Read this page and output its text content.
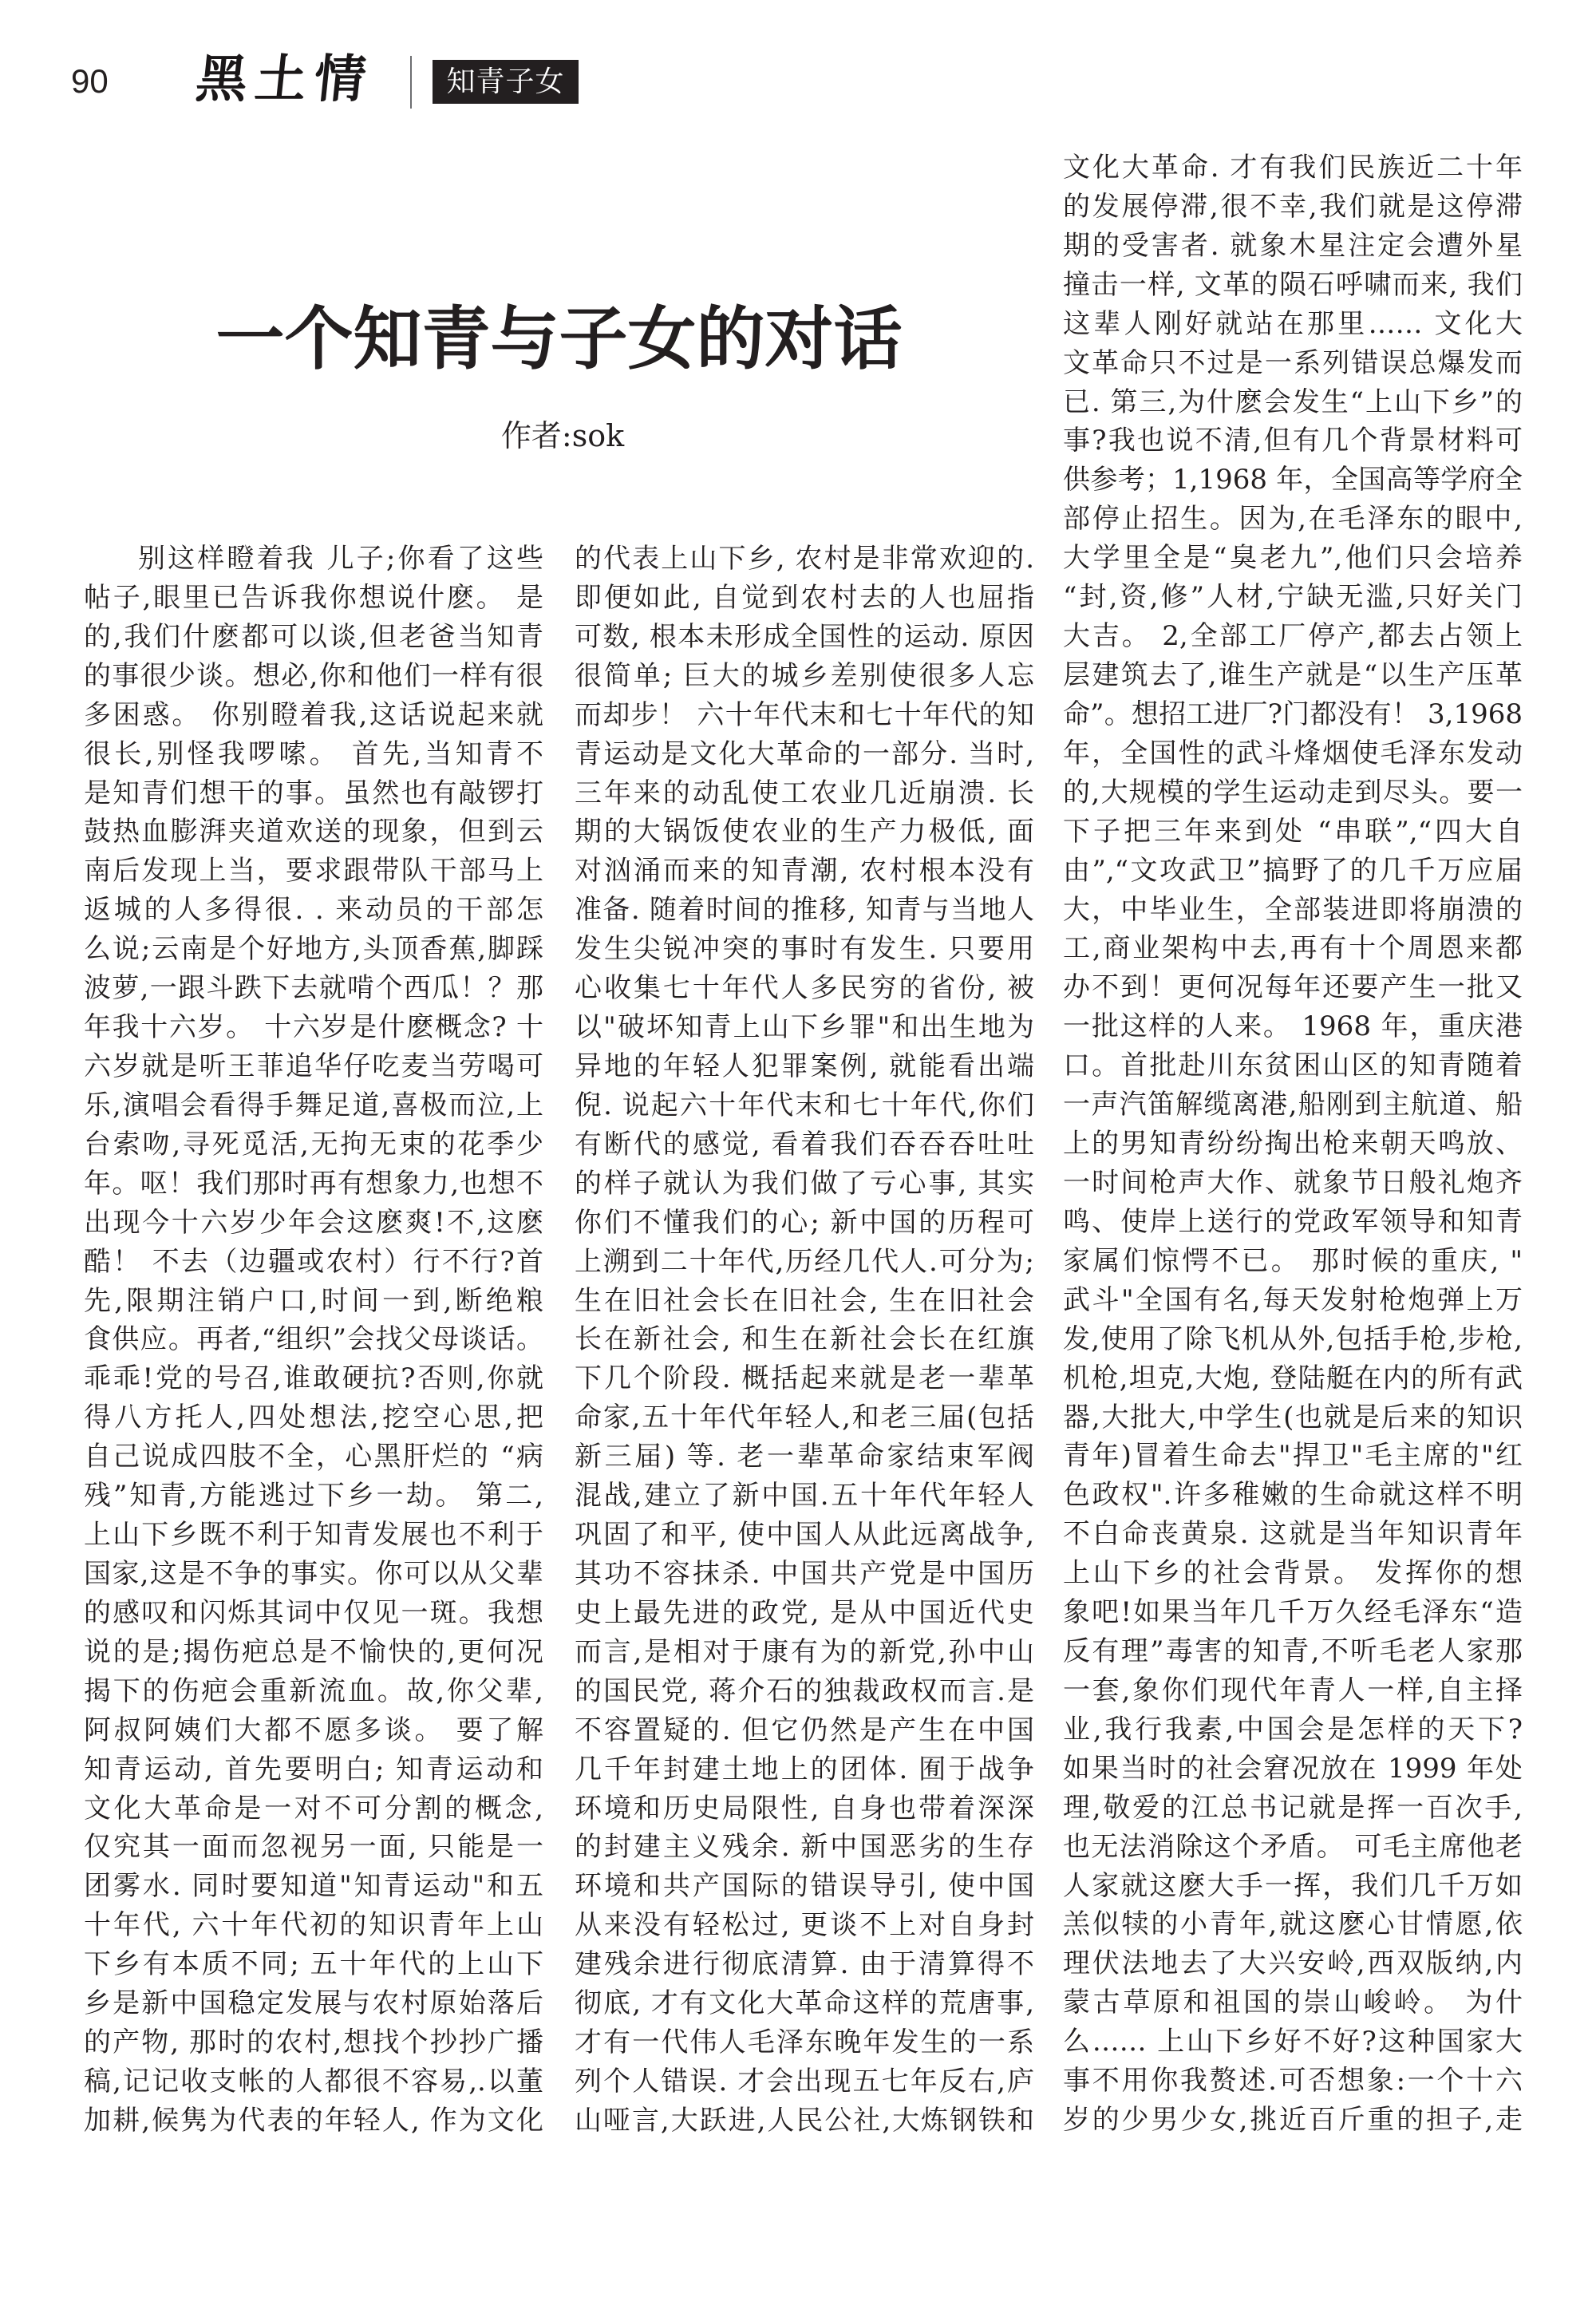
90 黑土情	知青子女
一个知青与子女的对话
作者:sok
别这样瞪着我 儿子;你看了这些
帖子,眼里已告诉我你想说什麽。 是
的,我们什麽都可以谈,但老爸当知青
的事很少谈。想必,你和他们一样有很
多困惑。 你别瞪着我,这话说起来就
很长,别怪我啰嗦。 首先,当知青不
是知青们想干的事。虽然也有敲锣打
鼓热血膨湃夹道欢送的现象，但到云
南后发现上当，要求跟带队干部马上
返城的人多得很. . 来动员的干部怎
么说;云南是个好地方,头顶香蕉,脚踩
波萝,一跟斗跌下去就啃个西瓜！？那
年我十六岁。 十六岁是什麽概念? 十
六岁就是听王菲追华仔吃麦当劳喝可
乐,演唱会看得手舞足道,喜极而泣,上
台索吻,寻死觅活,无拘无束的花季少
年。呕！我们那时再有想象力,也想不
出现今十六岁少年会这麽爽!不,这麽
酷！ 不去（边疆或农村）行不行?首
先,限期注销户口,时间一到,断绝粮
食供应。再者,“组织”会找父母谈话。
乖乖!党的号召,谁敢硬抗?否则,你就
得八方托人,四处想法,挖空心思,把
自己说成四肢不全，心黑肝烂的 “病
残”知青,方能逃过下乡一劫。 第二,
上山下乡既不利于知青发展也不利于
国家,这是不争的事实。你可以从父辈
的感叹和闪烁其词中仅见一斑。我想
说的是;揭伤疤总是不愉快的,更何况
揭下的伤疤会重新流血。故,你父辈,
阿叔阿姨们大都不愿多谈。 要了解
知青运动, 首先要明白; 知青运动和
文化大革命是一对不可分割的概念,
仅究其一面而忽视另一面, 只能是一
团雾水. 同时要知道"知青运动"和五
十年代, 六十年代初的知识青年上山
下乡有本质不同; 五十年代的上山下
乡是新中国稳定发展与农村原始落后
的产物, 那时的农村,想找个抄抄广播
稿,记记收支帐的人都很不容易,.以董
加耕,候隽为代表的年轻人, 作为文化
的代表上山下乡, 农村是非常欢迎的.
即便如此, 自觉到农村去的人也屈指
可数, 根本未形成全国性的运动. 原因
很简单; 巨大的城乡差别使很多人忘
而却步！ 六十年代末和七十年代的知
青运动是文化大革命的一部分. 当时,
三年来的动乱使工农业几近崩溃. 长
期的大锅饭使农业的生产力极低, 面
对汹涌而来的知青潮, 农村根本没有
准备. 随着时间的推移, 知青与当地人
发生尖锐冲突的事时有发生. 只要用
心收集七十年代人多民穷的省份, 被
以"破坏知青上山下乡罪"和出生地为
异地的年轻人犯罪案例, 就能看出端
倪. 说起六十年代末和七十年代,你们
有断代的感觉, 看着我们吞吞吞吐吐
的样子就认为我们做了亏心事, 其实
你们不懂我们的心; 新中国的历程可
上溯到二十年代,历经几代人.可分为;
生在旧社会长在旧社会, 生在旧社会
长在新社会, 和生在新社会长在红旗
下几个阶段. 概括起来就是老一辈革
命家,五十年代年轻人,和老三届(包括
新三届) 等. 老一辈革命家结束军阀
混战,建立了新中国.五十年代年轻人
巩固了和平, 使中国人从此远离战争,
其功不容抹杀. 中国共产党是中国历
史上最先进的政党, 是从中国近代史
而言,是相对于康有为的新党,孙中山
的国民党, 蒋介石的独裁政权而言.是
不容置疑的. 但它仍然是产生在中国
几千年封建土地上的团体. 囿于战争
环境和历史局限性, 自身也带着深深
的封建主义残余. 新中国恶劣的生存
环境和共产国际的错误导引, 使中国
从来没有轻松过, 更谈不上对自身封
建残余进行彻底清算. 由于清算得不
彻底, 才有文化大革命这样的荒唐事,
才有一代伟人毛泽东晚年发生的一系
列个人错误. 才会出现五七年反右,庐
山哑言,大跃进,人民公社,大炼钢铁和
文化大革命. 才有我们民族近二十年
的发展停滞,很不幸,我们就是这停滞
期的受害者. 就象木星注定会遭外星
撞击一样, 文革的陨石呼啸而来, 我们
这辈人刚好就站在那里…… 文化大
文革命只不过是一系列错误总爆发而
已. 第三,为什麽会发生“上山下乡”的
事?我也说不清,但有几个背景材料可
供参考；1,1968 年，全国高等学府全
部停止招生。因为,在毛泽东的眼中,
大学里全是“臭老九”,他们只会培养
“封,资,修”人材,宁缺无滥,只好关门
大吉。 2,全部工厂停产,都去占领上
层建筑去了,谁生产就是“以生产压革
命”。想招工进厂?门都没有！ 3,1968
年，全国性的武斗烽烟使毛泽东发动
的,大规模的学生运动走到尽头。要一
下子把三年来到处 “串联”,“四大自
由”,“文攻武卫”搞野了的几千万应届
大，中毕业生，全部装进即将崩溃的
工,商业架构中去,再有十个周恩来都
办不到！更何况每年还要产生一批又
一批这样的人来。 1968 年，重庆港
口。首批赴川东贫困山区的知青随着
一声汽笛解缆离港,船刚到主航道、船
上的男知青纷纷掏出枪来朝天鸣放、
一时间枪声大作、就象节日般礼炮齐
鸣、使岸上送行的党政军领导和知青
家属们惊愕不已。 那时候的重庆, "
武斗"全国有名,每天发射枪炮弹上万
发,使用了除飞机从外,包括手枪,步枪,
机枪,坦克,大炮, 登陆艇在内的所有武
器,大批大,中学生(也就是后来的知识
青年)冒着生命去"捍卫"毛主席的"红
色政权".许多稚嫩的生命就这样不明
不白命丧黄泉. 这就是当年知识青年
上山下乡的社会背景。 发挥你的想
象吧!如果当年几千万久经毛泽东“造
反有理”毒害的知青,不听毛老人家那
一套,象你们现代年青人一样,自主择
业,我行我素,中国会是怎样的天下?
如果当时的社会窘况放在 1999 年处
理,敬爱的江总书记就是挥一百次手,
也无法消除这个矛盾。 可毛主席他老
人家就这麽大手一挥，我们几千万如
羔似犊的小青年,就这麽心甘情愿,依
理伏法地去了大兴安岭,西双版纳,内
蒙古草原和祖国的崇山峻岭。 为什
么…… 上山下乡好不好?这种国家大
事不用你我赘述.可否想象:一个十六
岁的少男少女,挑近百斤重的担子,走
